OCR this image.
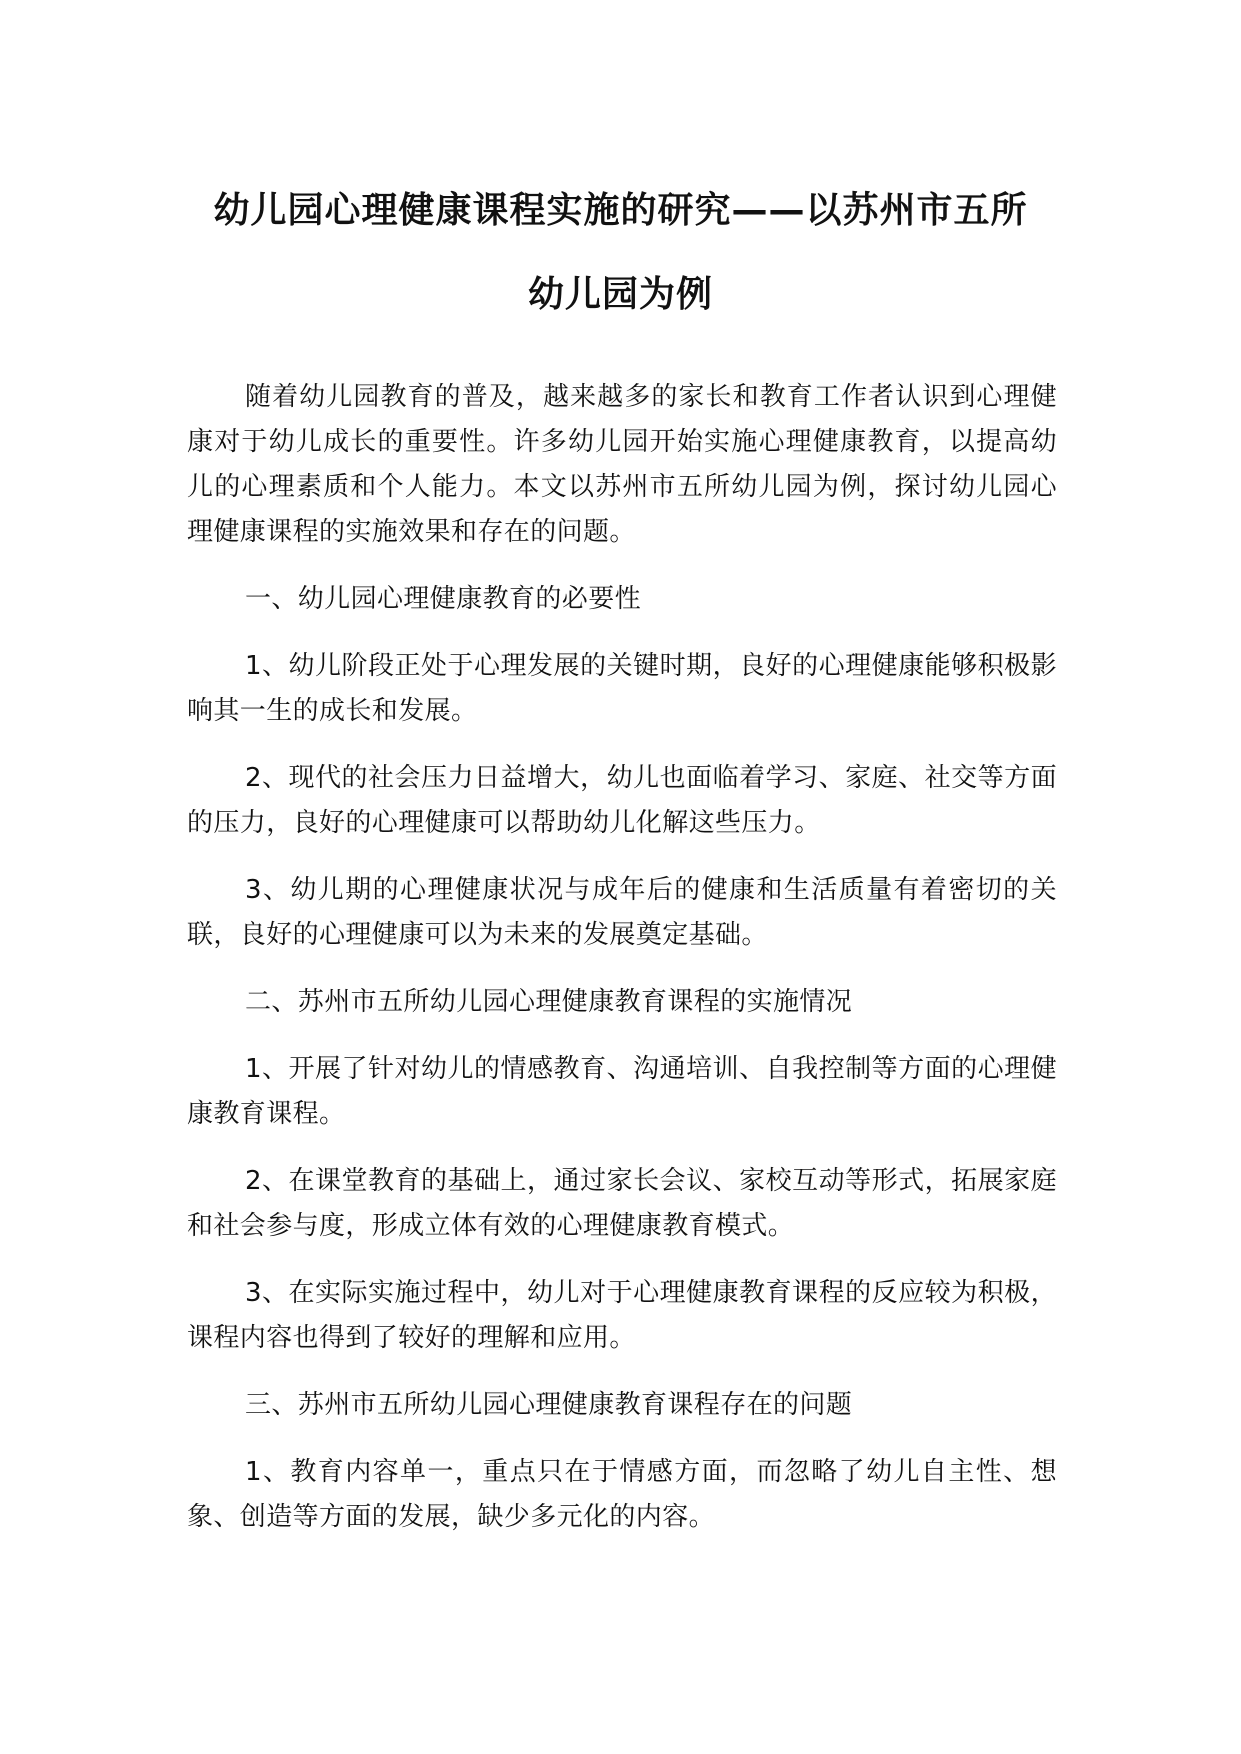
幼儿园心理健康课程实施的研究——以苏州市五所
幼儿园为例

随着幼儿园教育的普及，越来越多的家长和教育工作者认识到心理健康对于幼儿成长的重要性。许多幼儿园开始实施心理健康教育，以提高幼儿的心理素质和个人能力。本文以苏州市五所幼儿园为例，探讨幼儿园心理健康课程的实施效果和存在的问题。

一、幼儿园心理健康教育的必要性

1、幼儿阶段正处于心理发展的关键时期，良好的心理健康能够积极影响其一生的成长和发展。

2、现代的社会压力日益增大，幼儿也面临着学习、家庭、社交等方面的压力，良好的心理健康可以帮助幼儿化解这些压力。

3、幼儿期的心理健康状况与成年后的健康和生活质量有着密切的关联，良好的心理健康可以为未来的发展奠定基础。

二、苏州市五所幼儿园心理健康教育课程的实施情况

1、开展了针对幼儿的情感教育、沟通培训、自我控制等方面的心理健康教育课程。

2、在课堂教育的基础上，通过家长会议、家校互动等形式，拓展家庭和社会参与度，形成立体有效的心理健康教育模式。

3、在实际实施过程中，幼儿对于心理健康教育课程的反应较为积极，课程内容也得到了较好的理解和应用。

三、苏州市五所幼儿园心理健康教育课程存在的问题

1、教育内容单一，重点只在于情感方面，而忽略了幼儿自主性、想象、创造等方面的发展，缺少多元化的内容。
